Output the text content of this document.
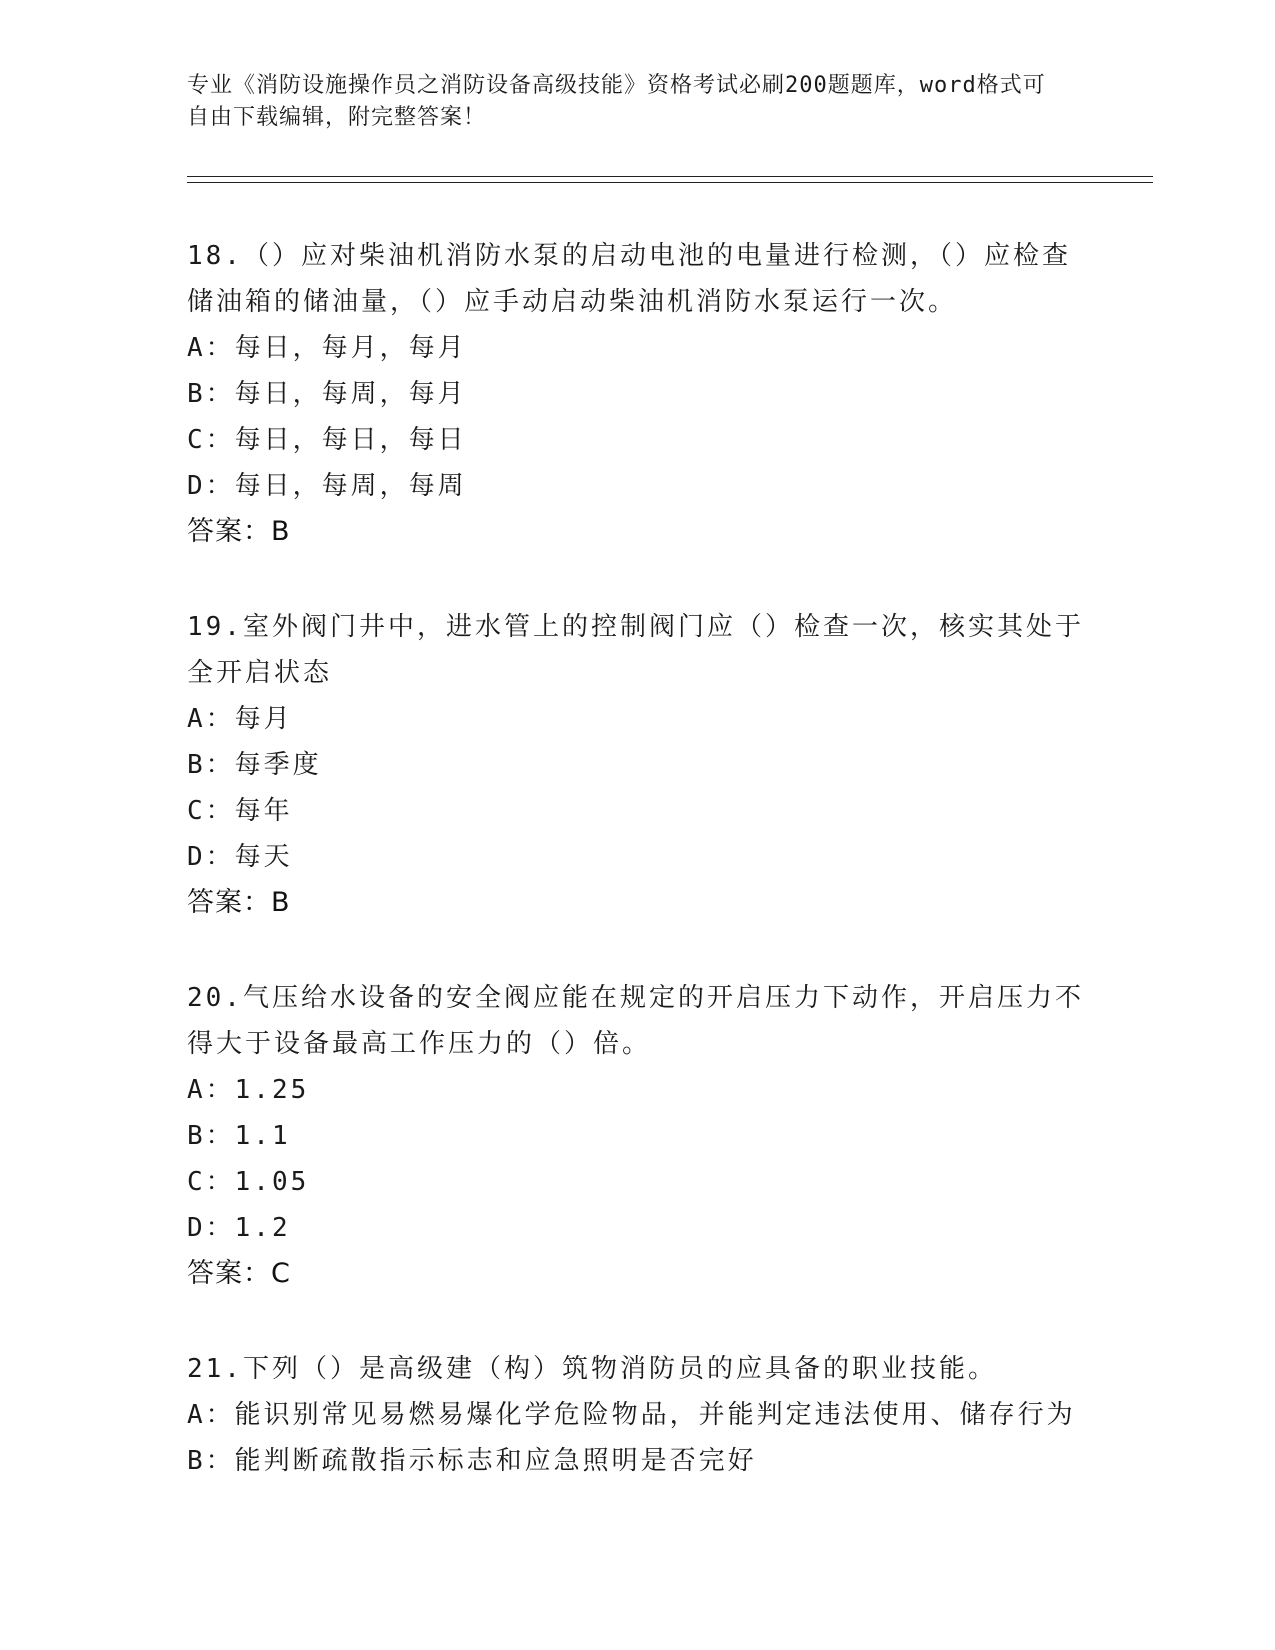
专业《消防设施操作员之消防设备高级技能》资格考试必刷200题题库，word格式可自由下载编辑，附完整答案！

18.（）应对柴油机消防水泵的启动电池的电量进行检测，（）应检查储油箱的储油量，（）应手动启动柴油机消防水泵运行一次。

A：每日，每月，每月

B：每日，每周，每月

C：每日，每日，每日

D：每日，每周，每周

答案：B

19.室外阀门井中，进水管上的控制阀门应（）检查一次，核实其处于全开启状态

A：每月

B：每季度

C：每年

D：每天

答案：B

20.气压给水设备的安全阀应能在规定的开启压力下动作，开启压力不得大于设备最高工作压力的（）倍。

A：1.25

B：1.1

C：1.05

D：1.2

答案：C

21.下列（）是高级建（构）筑物消防员的应具备的职业技能。

A：能识别常见易燃易爆化学危险物品，并能判定违法使用、储存行为

B：能判断疏散指示标志和应急照明是否完好
